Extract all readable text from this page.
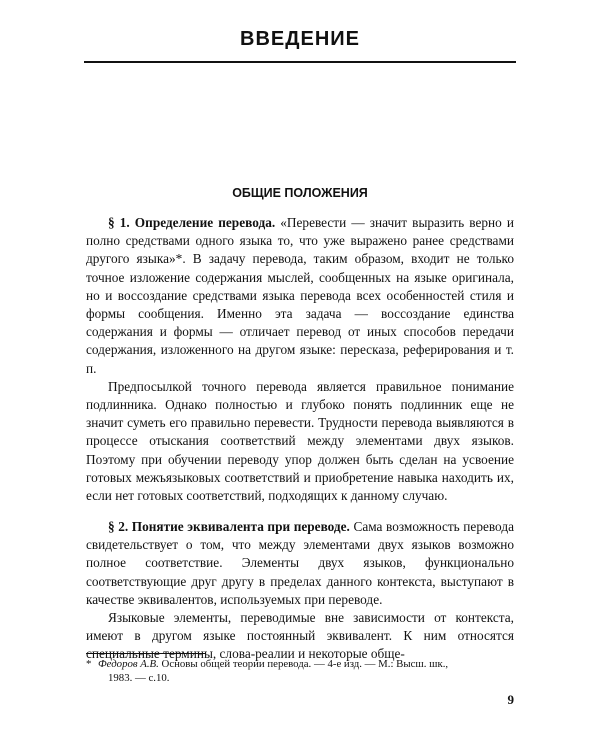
ВВЕДЕНИЕ
ОБЩИЕ ПОЛОЖЕНИЯ

§ 1. Определение перевода. «Перевести — значит выразить верно и полно средствами одного языка то, что уже выражено ранее средствами другого языка»*. В задачу перевода, таким образом, входит не только точное изложение содержания мыслей, сообщенных на языке оригинала, но и воссоздание средствами языка перевода всех особенностей стиля и формы сообщения. Именно эта задача — воссоздание единства содержания и формы — отличает перевод от иных способов передачи содержания, изложенного на другом языке: пересказа, реферирования и т. п.

Предпосылкой точного перевода является правильное понимание подлинника. Однако полностью и глубоко понять подлинник еще не значит суметь его правильно перевести. Трудности перевода выявляются в процессе отыскания соответствий между элементами двух языков. Поэтому при обучении переводу упор должен быть сделан на усвоение готовых межъязыковых соответствий и приобретение навыка находить их, если нет готовых соответствий, подходящих к данному случаю.

§ 2. Понятие эквивалента при переводе. Сама возможность перевода свидетельствует о том, что между элементами двух языков возможно полное соответствие. Элементы двух языков, функционально соответствующие друг другу в пределах данного контекста, выступают в качестве эквивалентов, используемых при переводе.

Языковые элементы, переводимые вне зависимости от контекста, имеют в другом языке постоянный эквивалент. К ним относятся специальные термины, слова-реалии и некоторые обще-

* Федоров А.В. Основы общей теории перевода. — 4-е изд. — М.: Высш. шк.,
1983. — с.10.
9
